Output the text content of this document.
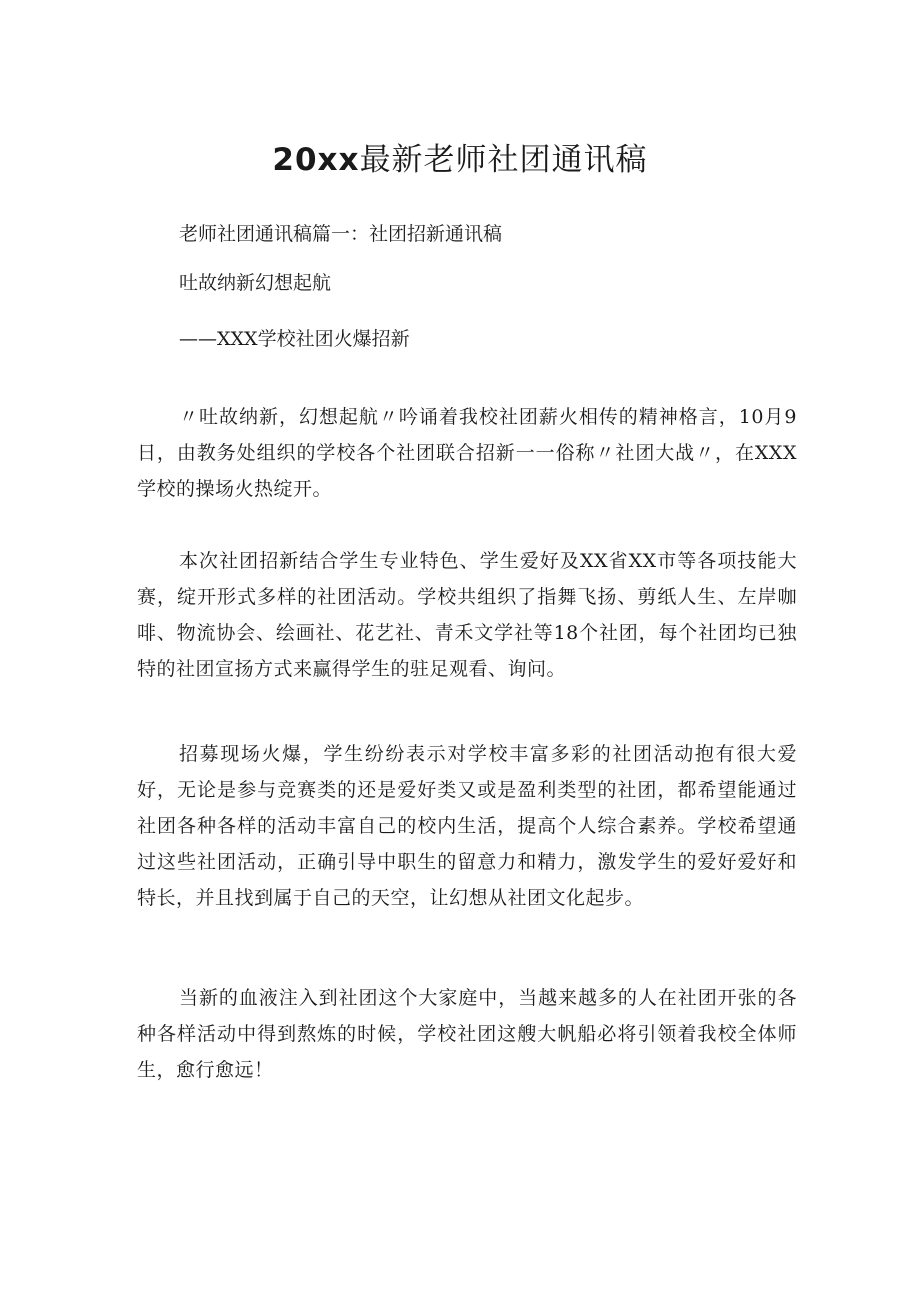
20xx最新老师社团通讯稿

老师社团通讯稿篇一：社团招新通讯稿

吐故纳新幻想起航

——XXX学校社团火爆招新

〃吐故纳新，幻想起航〃吟诵着我校社团薪火相传的精神格言，10月9日，由教务处组织的学校各个社团联合招新一一俗称〃社团大战〃，在XXX学校的操场火热绽开。

本次社团招新结合学生专业特色、学生爱好及XX省XX市等各项技能大赛，绽开形式多样的社团活动。学校共组织了指舞飞扬、剪纸人生、左岸咖啡、物流协会、绘画社、花艺社、青禾文学社等18个社团，每个社团均已独特的社团宣扬方式来赢得学生的驻足观看、询问。

招募现场火爆，学生纷纷表示对学校丰富多彩的社团活动抱有很大爱好，无论是参与竞赛类的还是爱好类又或是盈利类型的社团，都希望能通过社团各种各样的活动丰富自己的校内生活，提高个人综合素养。学校希望通过这些社团活动，正确引导中职生的留意力和精力，激发学生的爱好爱好和特长，并且找到属于自己的天空，让幻想从社团文化起步。

当新的血液注入到社团这个大家庭中，当越来越多的人在社团开张的各种各样活动中得到熬炼的时候，学校社团这艘大帆船必将引领着我校全体师生，愈行愈远！
